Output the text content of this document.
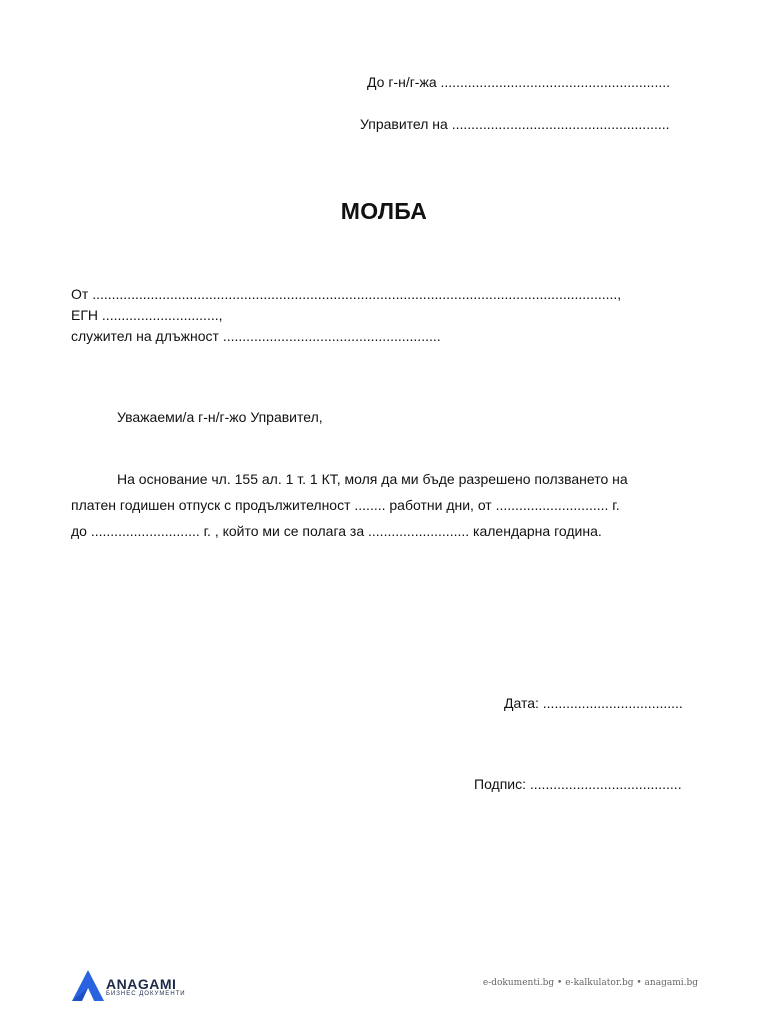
До г-н/г-жа ...........................................................
Управител на ........................................................
МОЛБА
От .......................................................................................................................................,
ЕГН ..............................,
служител на длъжност ........................................................
Уважаеми/а г-н/г-жо Управител,
На основание чл. 155 ал. 1 т. 1 КТ, моля да ми бъде разрешено ползването на
платен годишен отпуск с продължителност ........ работни дни, от ............................. г.
до ............................ г. , който ми се полага за .......................... календарна година.
Дата: ....................................
Подпис: .......................................
ANAGAMI
БИЗНЕС ДОКУМЕНТИ
e-dokumenti.bg • e-kalkulator.bg • anagami.bg
